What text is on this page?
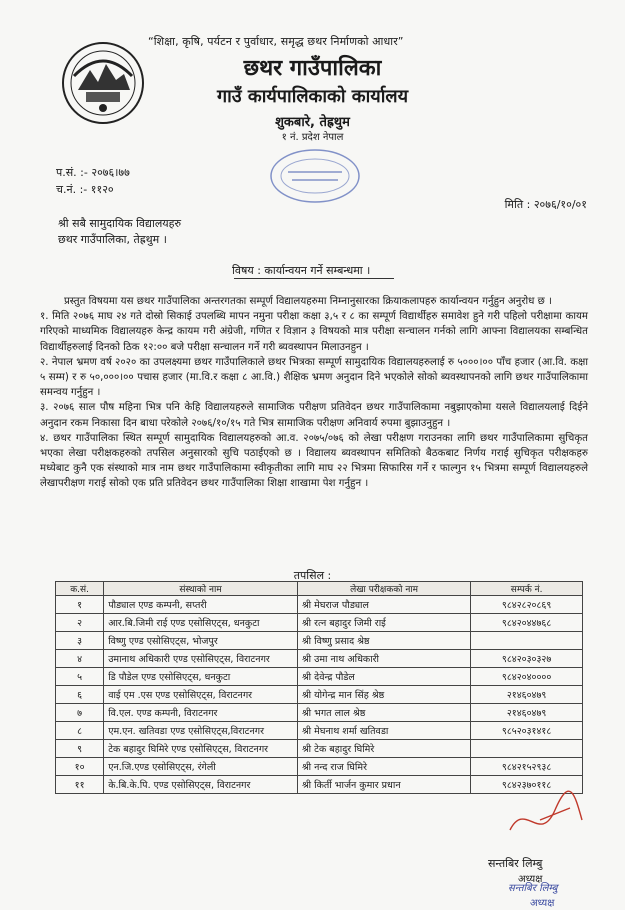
“शिक्षा, कृषि, पर्यटन र पुर्वाधार, समृद्ध छथर निर्माणको आधार”
छथर गाउँपालिका
गाउँ कार्यपालिकाको कार्यालय
शुकबारे, तेह्रथुम
१ नं. प्रदेश नेपाल
प.सं. :- २०७६।७७
च.नं. :- ११२०
मिति : २०७६/१०/०१
श्री सबै सामुदायिक विद्यालयहरु
छथर गाउँपालिका, तेह्रथुम ।
विषय : कार्यान्वयन गर्ने सम्बन्धमा ।

प्रस्तुत विषयमा यस छथर गाउँपालिका अन्तरगतका सम्पूर्ण विद्यालयहरुमा निम्नानुसारका क्रियाकलापहरु कार्यान्वयन गर्नुहुन अनुरोध छ ।

१. मिति २०७६ माघ २४ गते दोस्रो सिकाई उपलब्धि मापन नमुना परीक्षा कक्षा ३,५ र ८ का सम्पूर्ण विद्यार्थीहरु समावेश हुने गरी पहिलो परीक्षामा कायम गरिएको माध्यमिक विद्यालयहरु केन्द्र कायम गरी अंग्रेजी, गणित र विज्ञान ३ विषयको मात्र परीक्षा सन्चालन गर्नको लागि आफ्ना विद्यालयका सम्बन्धित विद्यार्थीहरुलाई दिनको ठिक १२:०० बजे परीक्षा सन्चालन गर्ने गरी ब्यवस्थापन मिलाउनहुन ।

२. नेपाल भ्रमण वर्ष २०२० का उपलक्ष्यमा छथर गाउँपालिकाले छथर भित्रका सम्पूर्ण सामुदायिक विद्यालयहरुलाई रु ५०००।०० पाँच हजार (आ.वि. कक्षा ५ सम्म) र रु ५०,०००।०० पचास हजार (मा.वि.र कक्षा ८ आ.वि.) शैक्षिक भ्रमण अनुदान दिने भएकोले सोको ब्यवस्थापनको लागि छथर गाउँपालिकामा समन्वय गर्नुहुन ।

३. २०७६ साल पौष महिना भित्र पनि केहि विद्यालयहरुले सामाजिक परीक्षण प्रतिवेदन छथर गाउँपालिकामा नबुझाएकोमा यसले विद्यालयलाई दिईने अनुदान रकम निकासा दिन बाधा परेकोले २०७६/१०/१५ गते भित्र सामाजिक परीक्षण अनिवार्य रुपमा बुझाउनुहुन ।

४. छथर गाउँपालिका स्थित सम्पूर्ण सामुदायिक विद्यालयहरुको आ.व. २०७५/०७६ को लेखा परीक्षण गराउनका लागि छथर गाउँपालिकामा सुचिकृत भएका लेखा परीक्षकहरुको तपसिल अनुसारको सुचि पठाईएको छ । विद्यालय ब्यवस्थापन समितिको बैठकबाट निर्णय गराई सुचिकृत परीक्षकहरु मध्येबाट कुनै एक संस्थाको मात्र नाम छथर गाउँपालिकामा स्वीकृतीका लागि माघ २२ भित्रमा सिफारिस गर्ने र फाल्गुन १५ भित्रमा सम्पूर्ण विद्यालयहरुले लेखापरीक्षण गराई सोको एक प्रति प्रतिवेदन छथर गाउँपालिका शिक्षा शाखामा पेश गर्नुहुन ।

तपसिल :
क.सं.	संस्थाको नाम	लेखा परीक्षकको नाम	सम्पर्क नं.
१	पौड्याल एण्ड कम्पनी, सप्तरी	श्री मेघराज पौड्याल	९८४२८२०८६९
२	आर.बि.जिमी राई एण्ड एसोसिएट्स, धनकुटा	श्री रत्न बहादुर जिमी राई	९८४२०४४७६८
३	विष्णु एण्ड एसोसिएट्स, भोजपुर	श्री विष्णु प्रसाद श्रेष्ठ	
४	उमानाथ अधिकारी एण्ड एसोसिएट्स, विराटनगर	श्री उमा नाथ अधिकारी	९८४२०३०३२७
५	डि पौडेल एण्ड एसोसिएट्स, धनकुटा	श्री देवेन्द्र पौडेल	९८४२०४००००
६	वाई एम .एस एण्ड एसोसिएट्स, विराटनगर	श्री योगेन्द्र मान सिंह श्रेष्ठ	२१४६०४७९
७	वि.एल. एण्ड कम्पनी, विराटनगर	श्री भगत लाल श्रेष्ठ	२१४६०४७९
८	एम.एन. खतिवडा एण्ड एसोसिएट्स,विराटनगर	श्री मेघनाथ शर्मा खतिवडा	९८५२०३१४१८
९	टेक बहादुर घिमिरे एण्ड एसोसिएट्स, विराटनगर	श्री टेक बहादुर घिमिरे	
१०	एन.जि.एण्ड एसोसिएट्स, रंगेली	श्री नन्द राज घिमिरे	९८४२१५२९३८
११	के.बि.के.पि. एण्ड एसोसिएट्स, विराटनगर	श्री किर्ती भार्जन कुमार प्रधान	९८४२३७०११८
सन्तबिर लिम्बु
अध्यक्ष
सन्तबिर लिम्बु
अध्यक्ष
